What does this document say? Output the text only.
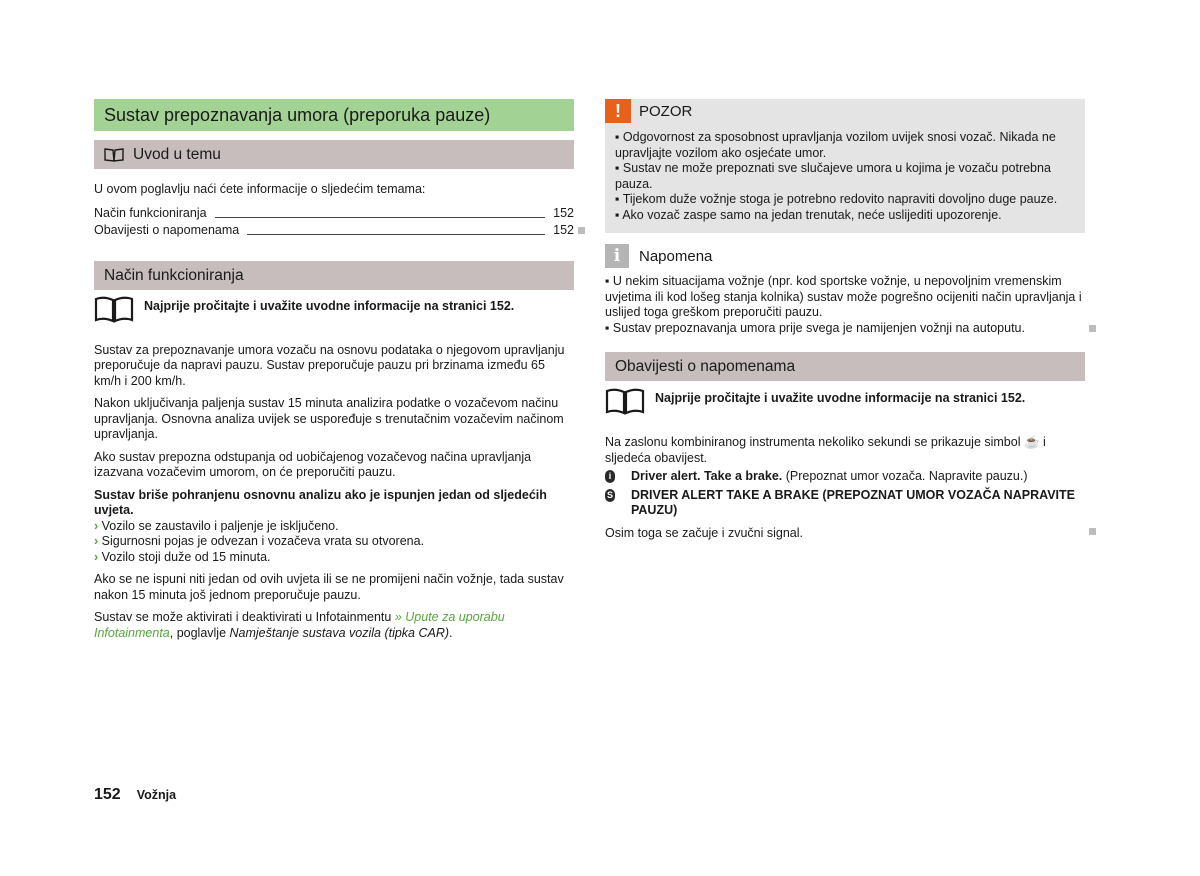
Sustav prepoznavanja umora (preporuka pauze)
Uvod u temu

U ovom poglavlju naći ćete informacije o sljedećim temama:

Način funkcioniranja	152
Obavijesti o napomenama	152
Način funkcioniranja
Najprije pročitajte i uvažite uvodne informacije na stranici 152.

Sustav za prepoznavanje umora vozaču na osnovu podataka o njegovom upravljanju preporučuje da napravi pauzu. Sustav preporučuje pauzu pri brzinama između 65 km/h i 200 km/h.

Nakon uključivanja paljenja sustav 15 minuta analizira podatke o vozačevom načinu upravljanja. Osnovna analiza uvijek se uspoređuje s trenutačnim vozačevim načinom upravljanja.

Ako sustav prepozna odstupanja od uobičajenog vozačevog načina upravljanja izazvana vozačevim umorom, on će preporučiti pauzu.

Sustav briše pohranjenu osnovnu analizu ako je ispunjen jedan od sljedećih uvjeta.

› Vozilo se zaustavilo i paljenje je isključeno.

› Sigurnosni pojas je odvezan i vozačeva vrata su otvorena.

› Vozilo stoji duže od 15 minuta.

Ako se ne ispuni niti jedan od ovih uvjeta ili se ne promijeni način vožnje, tada sustav nakon 15 minuta još jednom preporučuje pauzu.

Sustav se može aktivirati i deaktivirati u Infotainmentu » Upute za uporabu Infotainmenta, poglavlje Namještanje sustava vozila (tipka CAR).

!	POZOR

▪ Odgovornost za sposobnost upravljanja vozilom uvijek snosi vozač. Nikada ne upravljajte vozilom ako osjećate umor.

▪ Sustav ne može prepoznati sve slučajeve umora u kojima je vozaču potrebna pauza.

▪ Tijekom duže vožnje stoga je potrebno redovito napraviti dovoljno duge pauze.

▪ Ako vozač zaspe samo na jedan trenutak, neće uslijediti upozorenje.

i	Napomena

▪ U nekim situacijama vožnje (npr. kod sportske vožnje, u nepovoljnim vremenskim uvjetima ili kod lošeg stanja kolnika) sustav može pogrešno ocijeniti način upravljanja i uslijed toga greškom preporučiti pauzu.

▪ Sustav prepoznavanja umora prije svega je namijenjen vožnji na autoputu.

Obavijesti o napomenama
Najprije pročitajte i uvažite uvodne informacije na stranici 152.

Na zaslonu kombiniranog instrumenta nekoliko sekundi se prikazuje simbol ☕ i sljedeća obavijest.

i	Driver alert. Take a brake. (Prepoznat umor vozača. Napravite pauzu.)
S DRIVER ALERT TAKE A BRAKE (PREPOZNAT UMOR VOZAČA NAPRAVITE PAUZU)

Osim toga se začuje i zvučni signal.

152 Vožnja
